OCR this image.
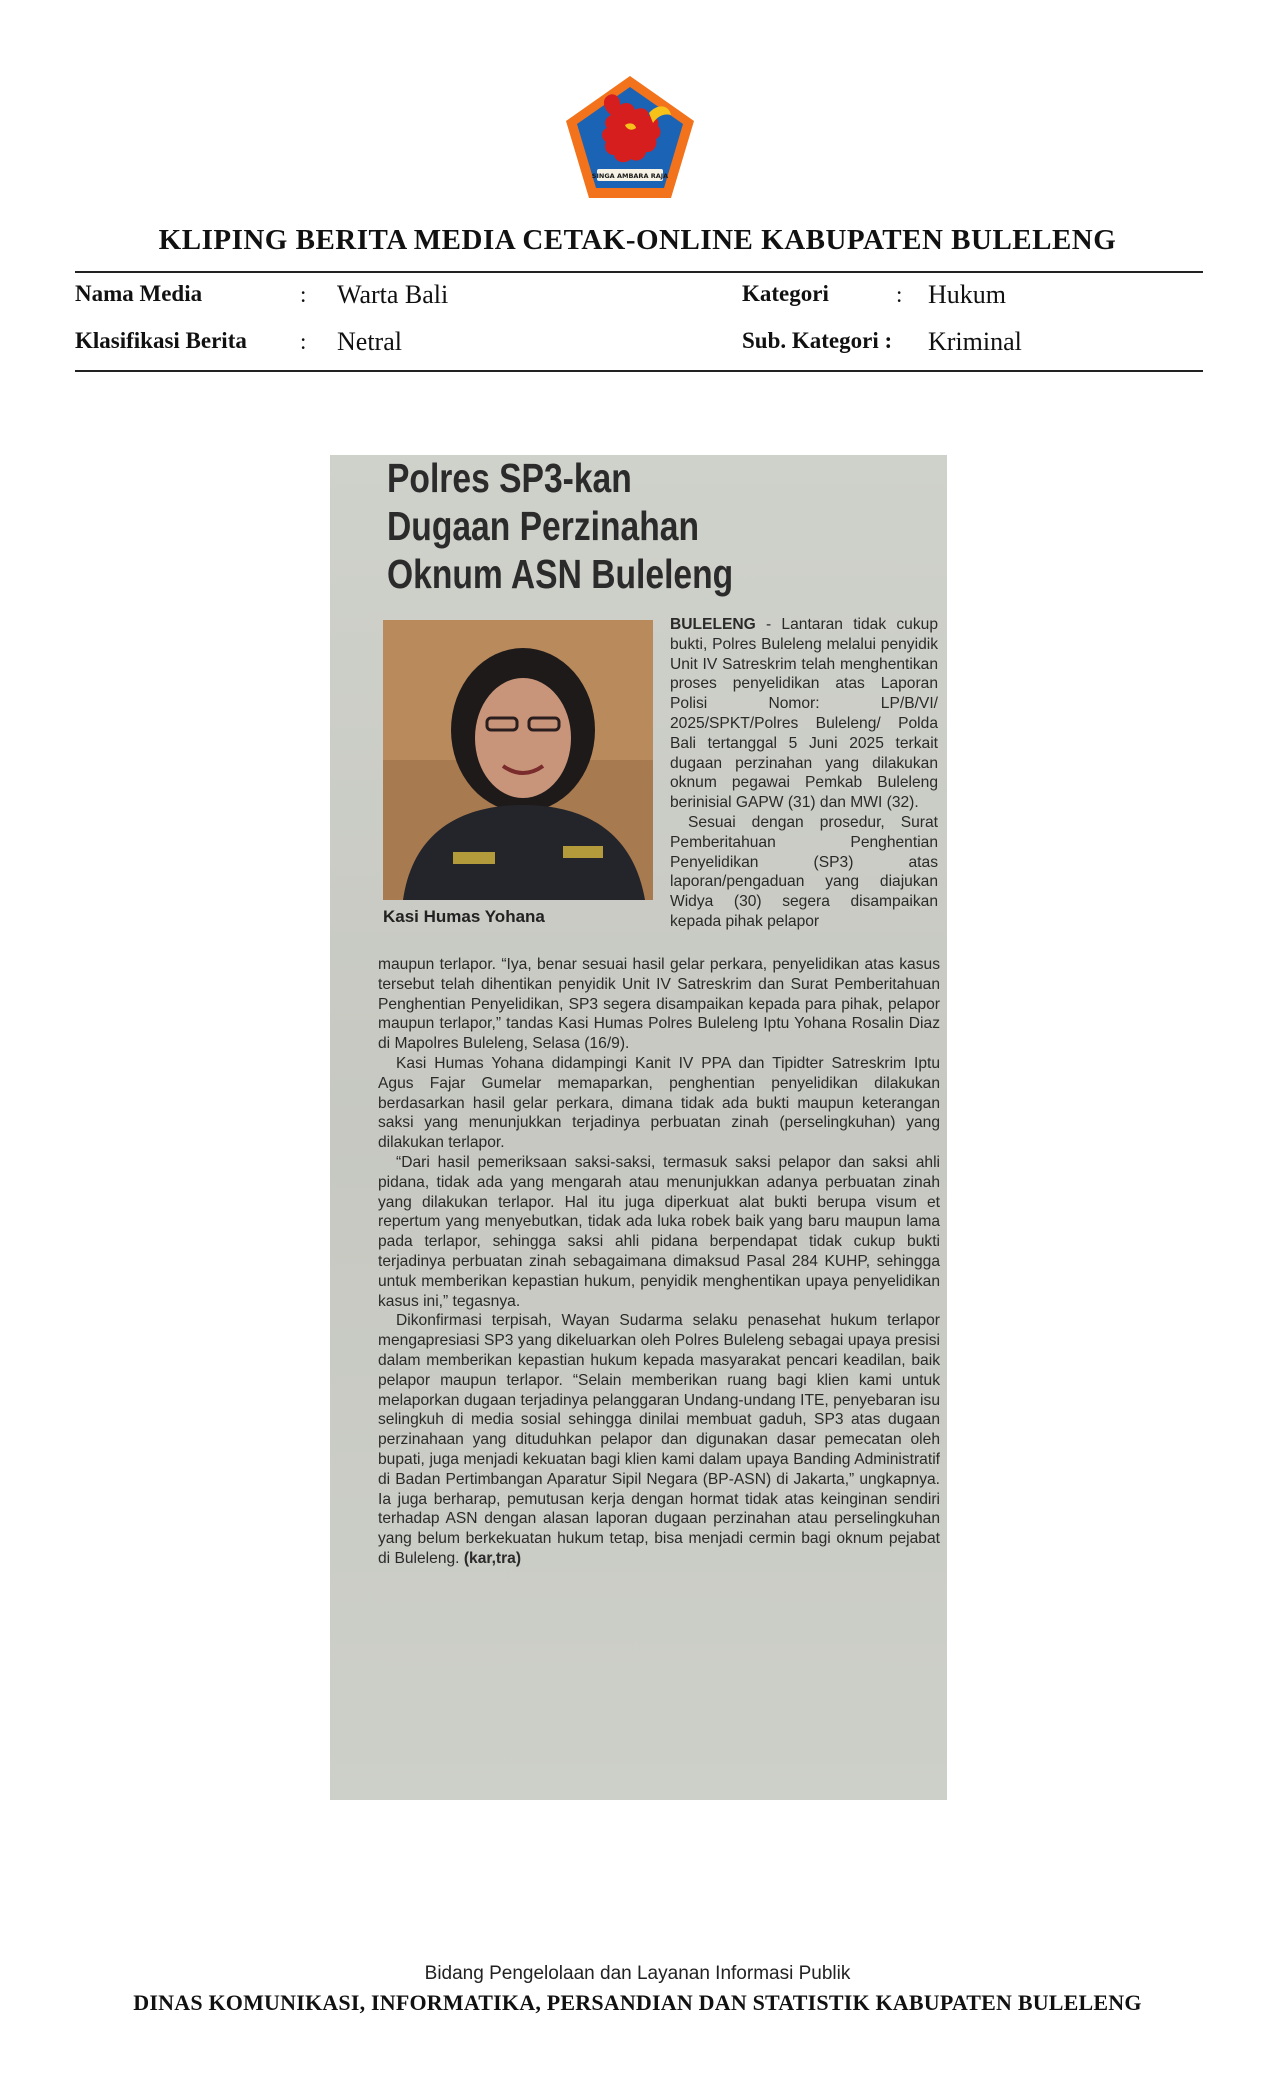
SINGA AMBARA RAJA
KLIPING BERITA MEDIA CETAK-ONLINE KABUPATEN BULELENG
Nama Media	: Warta Bali
Klasifikasi Berita : Netral
Kategori	: Hukum
Sub. Kategori : Kriminal
Polres SP3-kan
Dugaan Perzinahan
Oknum ASN Buleleng
Kasi Humas Yohana

BULELENG - Lantaran tidak cukup bukti, Polres Buleleng melalui penyidik Unit IV Satreskrim telah menghentikan proses penyelidikan atas Laporan Polisi Nomor: LP/B/VI/ 2025/SPKT/Polres Buleleng/ Polda Bali tertanggal 5 Juni 2025 terkait dugaan perzinahan yang dilakukan oknum pegawai Pemkab Buleleng berinisial GAPW (31) dan MWI (32).

Sesuai dengan prosedur, Surat Pemberitahuan Penghentian Penyelidikan (SP3) atas laporan/pengaduan yang diajukan Widya (30) segera disampaikan kepada pihak pelapor

maupun terlapor. “Iya, benar sesuai hasil gelar perkara, penyelidikan atas kasus tersebut telah dihentikan penyidik Unit IV Satreskrim dan Surat Pemberitahuan Penghentian Penyelidikan, SP3 segera disampaikan kepada para pihak, pelapor maupun terlapor,” tandas Kasi Humas Polres Buleleng Iptu Yohana Rosalin Diaz di Mapolres Buleleng, Selasa (16/9).

Kasi Humas Yohana didampingi Kanit IV PPA dan Tipidter Satreskrim Iptu Agus Fajar Gumelar memaparkan, penghentian penyelidikan dilakukan berdasarkan hasil gelar perkara, dimana tidak ada bukti maupun keterangan saksi yang menunjukkan terjadinya perbuatan zinah (perselingkuhan) yang dilakukan terlapor.

“Dari hasil pemeriksaan saksi-saksi, termasuk saksi pelapor dan saksi ahli pidana, tidak ada yang mengarah atau menunjukkan adanya perbuatan zinah yang dilakukan terlapor. Hal itu juga diperkuat alat bukti berupa visum et repertum yang menyebutkan, tidak ada luka robek baik yang baru maupun lama pada terlapor, sehingga saksi ahli pidana berpendapat tidak cukup bukti terjadinya perbuatan zinah sebagaimana dimaksud Pasal 284 KUHP, sehingga untuk memberikan kepastian hukum, penyidik menghentikan upaya penyelidikan kasus ini,” tegasnya.

Dikonfirmasi terpisah, Wayan Sudarma selaku penasehat hukum terlapor mengapresiasi SP3 yang dikeluarkan oleh Polres Buleleng sebagai upaya presisi dalam memberikan kepastian hukum kepada masyarakat pencari keadilan, baik pelapor maupun terlapor. “Selain memberikan ruang bagi klien kami untuk melaporkan dugaan terjadinya pelanggaran Undang-undang ITE, penyebaran isu selingkuh di media sosial sehingga dinilai membuat gaduh, SP3 atas dugaan perzinahaan yang dituduhkan pelapor dan digunakan dasar pemecatan oleh bupati, juga menjadi kekuatan bagi klien kami dalam upaya Banding Administratif di Badan Pertimbangan Aparatur Sipil Negara (BP-ASN) di Jakarta,” ungkapnya. Ia juga berharap, pemutusan kerja dengan hormat tidak atas keinginan sendiri terhadap ASN dengan alasan laporan dugaan perzinahan atau perselingkuhan yang belum berkekuatan hukum tetap, bisa menjadi cermin bagi oknum pejabat di Buleleng. (kar,tra)

Bidang Pengelolaan dan Layanan Informasi Publik
DINAS KOMUNIKASI, INFORMATIKA, PERSANDIAN DAN STATISTIK KABUPATEN BULELENG
